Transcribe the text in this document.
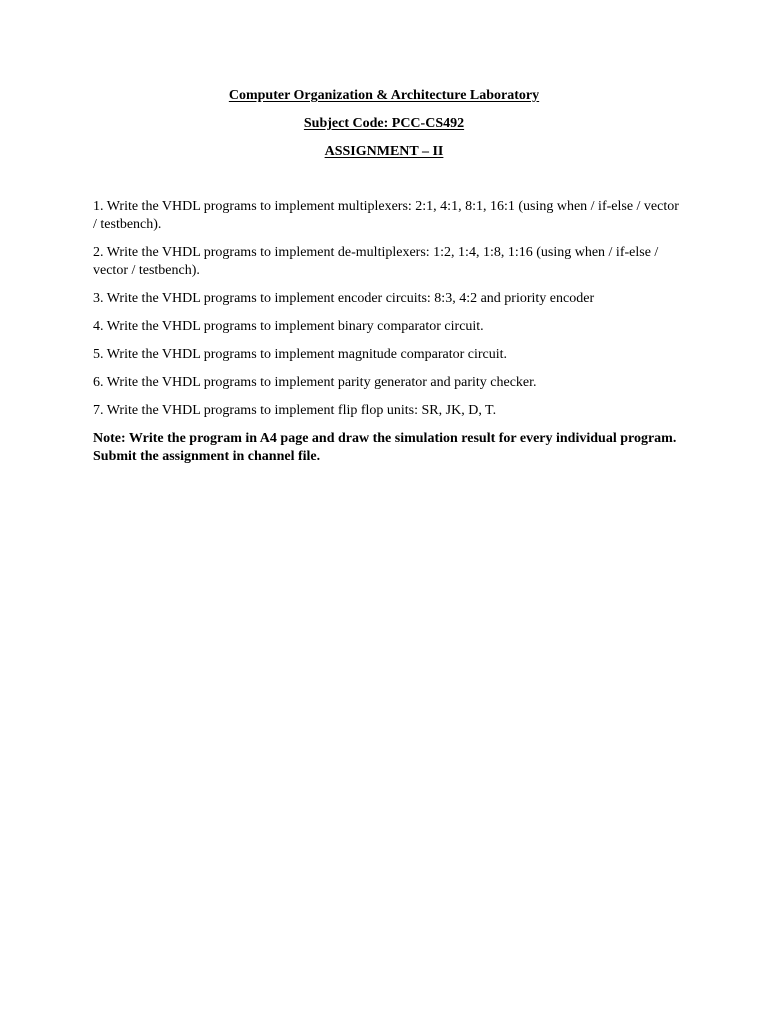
Computer Organization & Architecture Laboratory
Subject Code: PCC-CS492
ASSIGNMENT – II

1. Write the VHDL programs to implement multiplexers: 2:1, 4:1, 8:1, 16:1 (using when / if-else / vector / testbench).

2. Write the VHDL programs to implement de-multiplexers: 1:2, 1:4, 1:8, 1:16 (using when / if-else / vector / testbench).

3. Write the VHDL programs to implement encoder circuits: 8:3, 4:2 and priority encoder

4. Write the VHDL programs to implement binary comparator circuit.

5. Write the VHDL programs to implement magnitude comparator circuit.

6. Write the VHDL programs to implement parity generator and parity checker.

7. Write the VHDL programs to implement flip flop units: SR, JK, D, T.

Note: Write the program in A4 page and draw the simulation result for every individual program. Submit the assignment in channel file.
